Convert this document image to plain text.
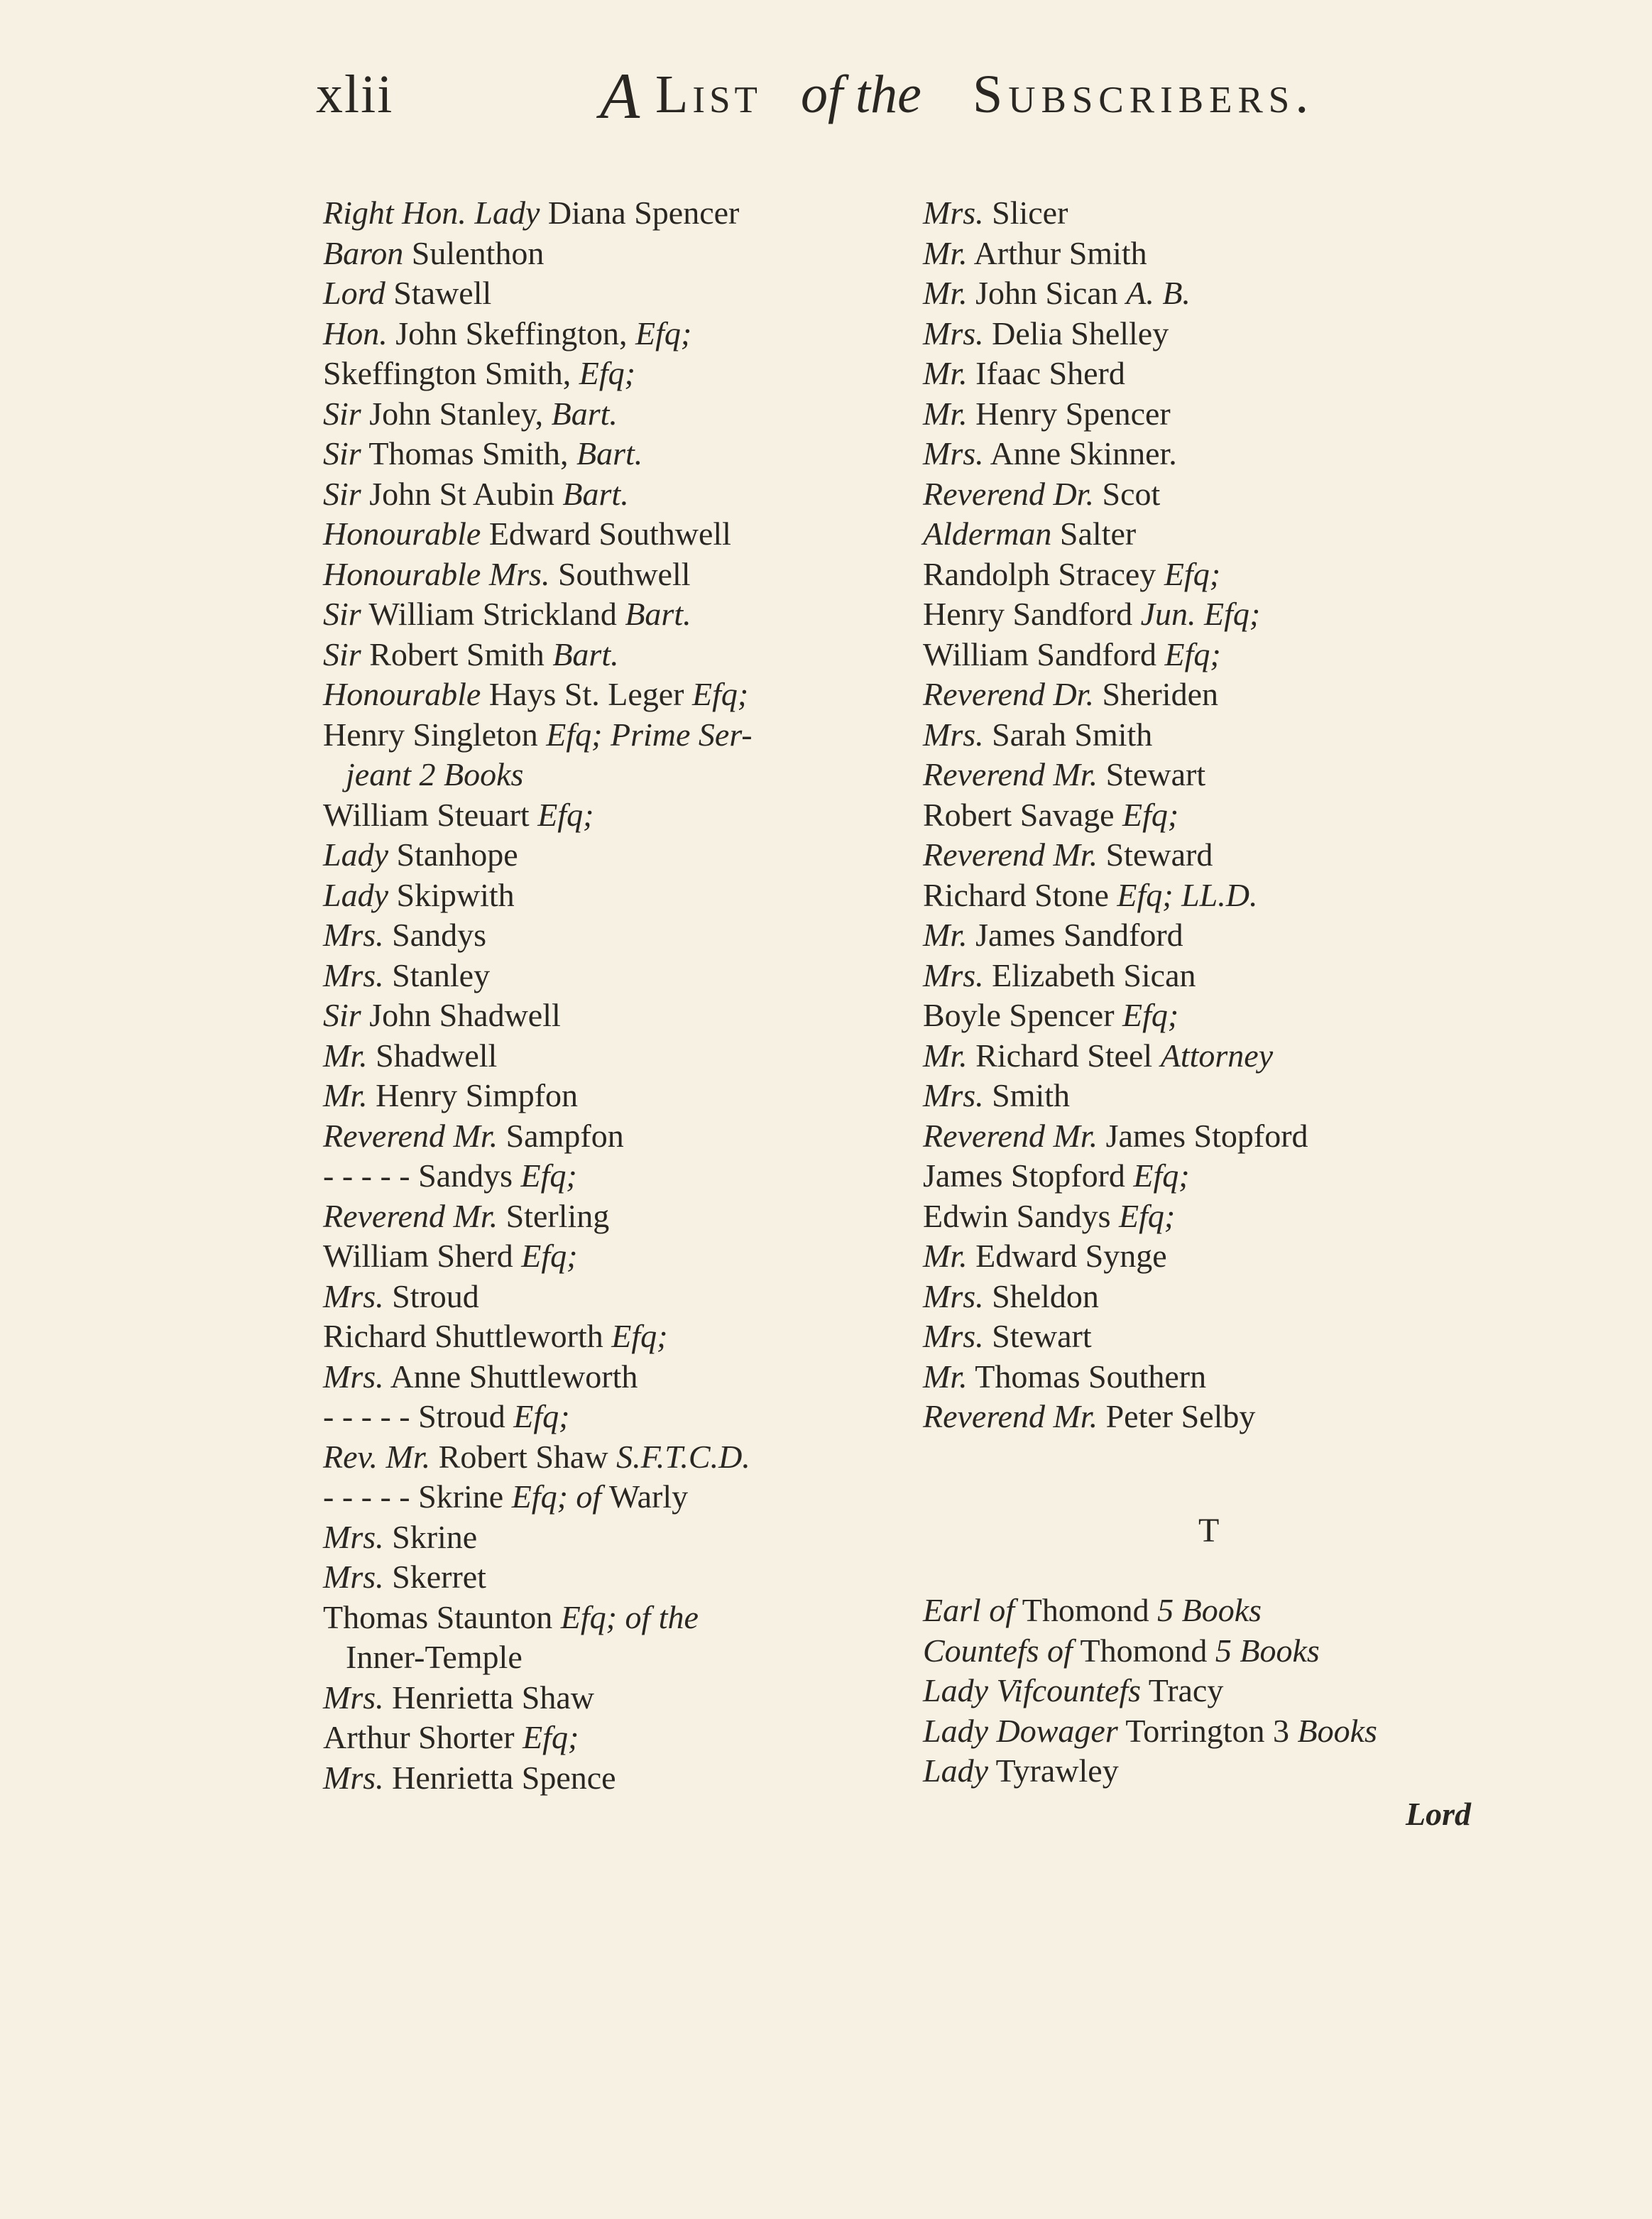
xlii	A List of the Subscribers.
Right Hon. Lady Diana Spencer
Baron Sulenthon
Lord Stawell
Hon. John Skeffington, Efq;
Skeffington Smith, Efq;
Sir John Stanley, Bart.
Sir Thomas Smith, Bart.
Sir John St Aubin Bart.
Honourable Edward Southwell
Honourable Mrs. Southwell
Sir William Strickland Bart.
Sir Robert Smith Bart.
Honourable Hays St. Leger Efq;
Henry Singleton Efq; Prime Ser-
jeant 2 Books
William Steuart Efq;
Lady Stanhope
Lady Skipwith
Mrs. Sandys
Mrs. Stanley
Sir John Shadwell
Mr. Shadwell
Mr. Henry Simpfon
Reverend Mr. Sampfon
- - - - - Sandys Efq;
Reverend Mr. Sterling
William Sherd Efq;
Mrs. Stroud
Richard Shuttleworth Efq;
Mrs. Anne Shuttleworth
- - - - - Stroud Efq;
Rev. Mr. Robert Shaw S.F.T.C.D.
- - - - - Skrine Efq; of Warly
Mrs. Skrine
Mrs. Skerret
Thomas Staunton Efq; of the
Inner-Temple
Mrs. Henrietta Shaw
Arthur Shorter Efq;
Mrs. Henrietta Spence
Mrs. Slicer
Mr. Arthur Smith
Mr. John Sican A. B.
Mrs. Delia Shelley
Mr. Ifaac Sherd
Mr. Henry Spencer
Mrs. Anne Skinner.
Reverend Dr. Scot
Alderman Salter
Randolph Stracey Efq;
Henry Sandford Jun. Efq;
William Sandford Efq;
Reverend Dr. Sheriden
Mrs. Sarah Smith
Reverend Mr. Stewart
Robert Savage Efq;
Reverend Mr. Steward
Richard Stone Efq; LL.D.
Mr. James Sandford
Mrs. Elizabeth Sican
Boyle Spencer Efq;
Mr. Richard Steel Attorney
Mrs. Smith
Reverend Mr. James Stopford
James Stopford Efq;
Edwin Sandys Efq;
Mr. Edward Synge
Mrs. Sheldon
Mrs. Stewart
Mr. Thomas Southern
Reverend Mr. Peter Selby
T
Earl of Thomond 5 Books
Countefs of Thomond 5 Books
Lady Vifcountefs Tracy
Lady Dowager Torrington 3 Books
Lady Tyrawley
Lord
